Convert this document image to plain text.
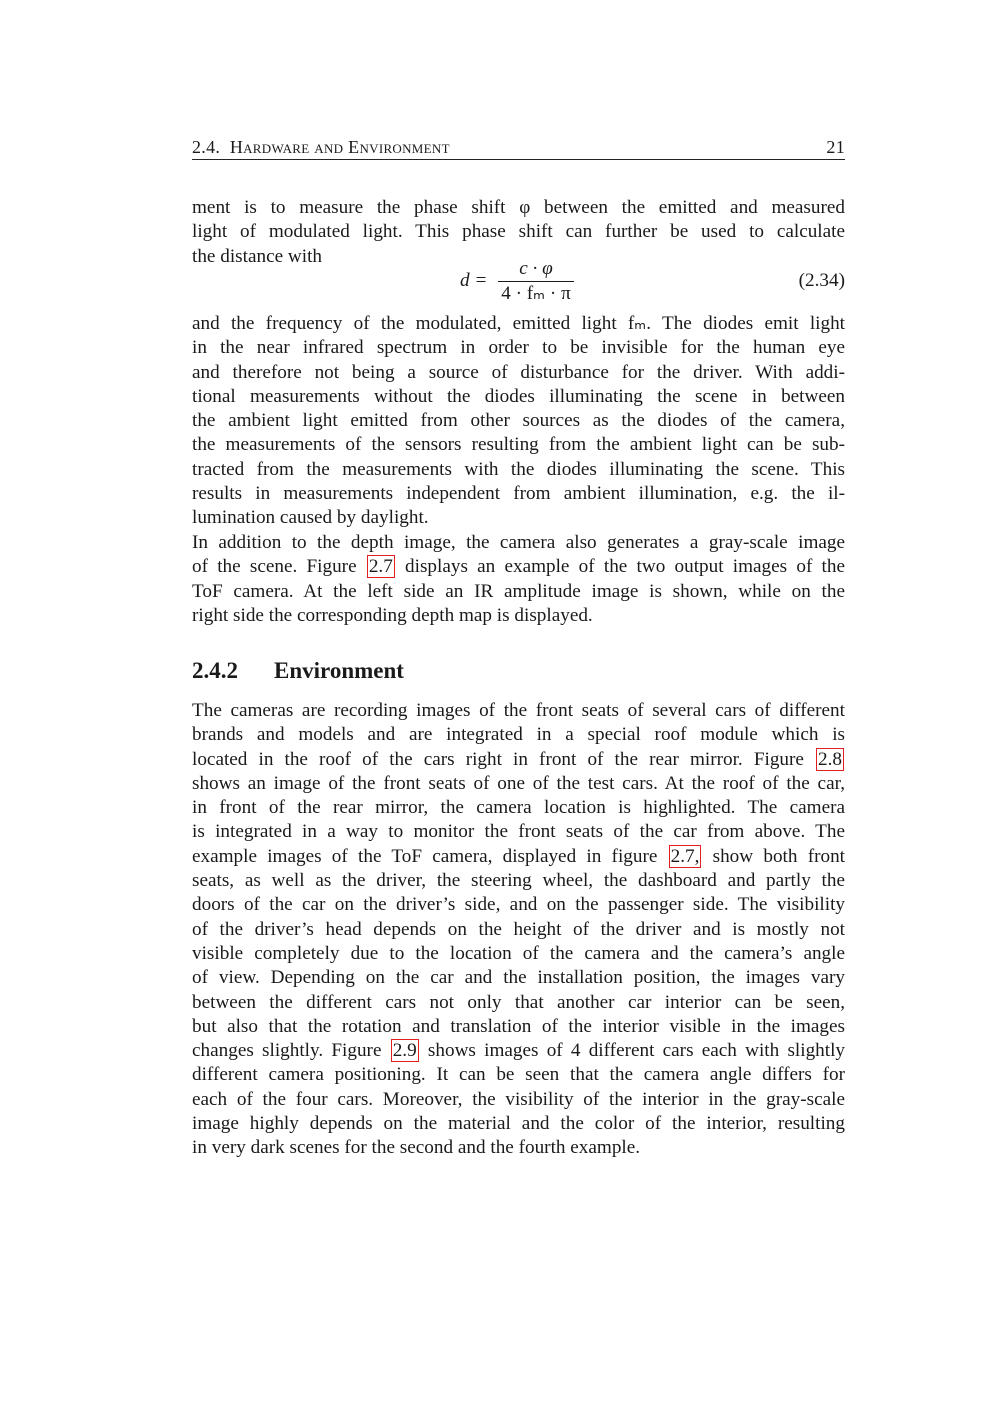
2.4. Hardware and Environment	21
ment is to measure the phase shift φ between the emitted and measured
light of modulated light. This phase shift can further be used to calculate
the distance with
d =
c · φ
4 · fₘ · π
(2.34)
and the frequency of the modulated, emitted light fₘ. The diodes emit light
in the near infrared spectrum in order to be invisible for the human eye
and therefore not being a source of disturbance for the driver. With addi-
tional measurements without the diodes illuminating the scene in between
the ambient light emitted from other sources as the diodes of the camera,
the measurements of the sensors resulting from the ambient light can be sub-
tracted from the measurements with the diodes illuminating the scene. This
results in measurements independent from ambient illumination, e.g. the il-
lumination caused by daylight.
In addition to the depth image, the camera also generates a gray-scale image
of the scene. Figure 2.7 displays an example of the two output images of the
ToF camera. At the left side an IR amplitude image is shown, while on the
right side the corresponding depth map is displayed.
2.4.2 Environment
The cameras are recording images of the front seats of several cars of different
brands and models and are integrated in a special roof module which is
located in the roof of the cars right in front of the rear mirror. Figure 2.8
shows an image of the front seats of one of the test cars. At the roof of the car,
in front of the rear mirror, the camera location is highlighted. The camera
is integrated in a way to monitor the front seats of the car from above. The
example images of the ToF camera, displayed in figure 2.7, show both front
seats, as well as the driver, the steering wheel, the dashboard and partly the
doors of the car on the driver’s side, and on the passenger side. The visibility
of the driver’s head depends on the height of the driver and is mostly not
visible completely due to the location of the camera and the camera’s angle
of view. Depending on the car and the installation position, the images vary
between the different cars not only that another car interior can be seen,
but also that the rotation and translation of the interior visible in the images
changes slightly. Figure 2.9 shows images of 4 different cars each with slightly
different camera positioning. It can be seen that the camera angle differs for
each of the four cars. Moreover, the visibility of the interior in the gray-scale
image highly depends on the material and the color of the interior, resulting
in very dark scenes for the second and the fourth example.
